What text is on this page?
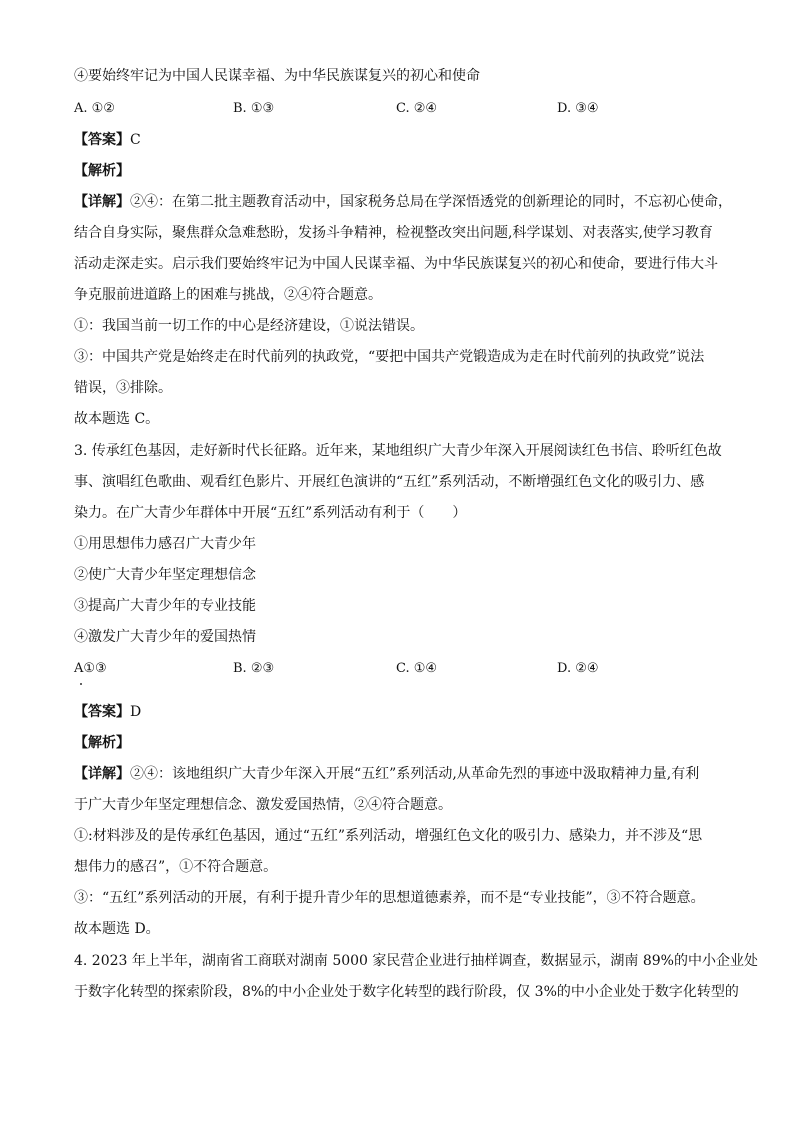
④要始终牢记为中国人民谋幸福、为中华民族谋复兴的初心和使命
A. ①②	B. ①③	C. ②④	D. ③④
【答案】C
【解析】
【详解】②④：在第二批主题教育活动中，国家税务总局在学深悟透党的创新理论的同时，不忘初心使命，
结合自身实际，聚焦群众急难愁盼，发扬斗争精神，检视整改突出问题,科学谋划、对表落实,使学习教育
活动走深走实。启示我们要始终牢记为中国人民谋幸福、为中华民族谋复兴的初心和使命，要进行伟大斗
争克服前进道路上的困难与挑战，②④符合题意。
①：我国当前一切工作的中心是经济建设，①说法错误。
③：中国共产党是始终走在时代前列的执政党，“要把中国共产党锻造成为走在时代前列的执政党”说法
错误，③排除。
故本题选 C。
3. 传承红色基因，走好新时代长征路。近年来，某地组织广大青少年深入开展阅读红色书信、聆听红色故
事、演唱红色歌曲、观看红色影片、开展红色演讲的“五红”系列活动，不断增强红色文化的吸引力、感
染力。在广大青少年群体中开展“五红”系列活动有利于（　　）
①用思想伟力感召广大青少年
②使广大青少年坚定理想信念
③提高广大青少年的专业技能
④激发广大青少年的爱国热情
A①③	B. ②③	C. ①④	D. ②④
【答案】D
【解析】
【详解】②④：该地组织广大青少年深入开展“五红”系列活动,从革命先烈的事迹中汲取精神力量,有利
于广大青少年坚定理想信念、激发爱国热情，②④符合题意。
①:材料涉及的是传承红色基因，通过“五红”系列活动，增强红色文化的吸引力、感染力，并不涉及“思
想伟力的感召”，①不符合题意。
③：“五红”系列活动的开展，有利于提升青少年的思想道德素养，而不是“专业技能”，③不符合题意。
故本题选 D。
4. 2023 年上半年，湖南省工商联对湖南 5000 家民营企业进行抽样调查，数据显示，湖南 89%的中小企业处
于数字化转型的探索阶段，8%的中小企业处于数字化转型的践行阶段，仅 3%的中小企业处于数字化转型的
